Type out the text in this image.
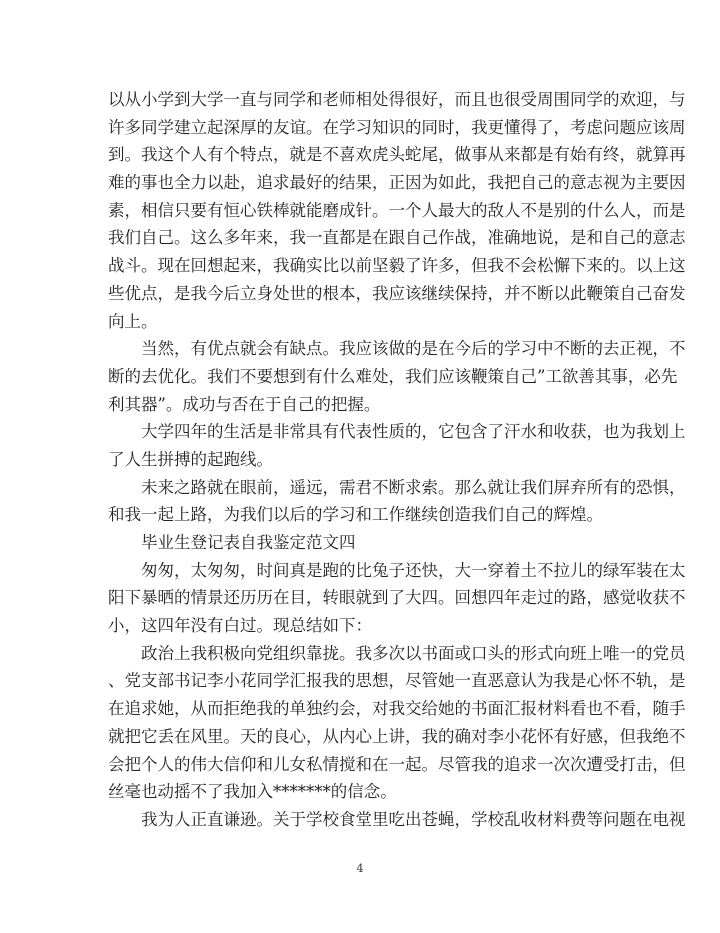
以从小学到大学一直与同学和老师相处得很好，而且也很受周围同学的欢迎，与
许多同学建立起深厚的友谊。在学习知识的同时，我更懂得了，考虑问题应该周
到。我这个人有个特点，就是不喜欢虎头蛇尾，做事从来都是有始有终，就算再
难的事也全力以赴，追求最好的结果，正因为如此，我把自己的意志视为主要因
素，相信只要有恒心铁棒就能磨成针。一个人最大的敌人不是别的什么人，而是
我们自己。这么多年来，我一直都是在跟自己作战，准确地说，是和自己的意志
战斗。现在回想起来，我确实比以前坚毅了许多，但我不会松懈下来的。以上这
些优点，是我今后立身处世的根本，我应该继续保持，并不断以此鞭策自己奋发
向上。
当然，有优点就会有缺点。我应该做的是在今后的学习中不断的去正视，不
断的去优化。我们不要想到有什么难处，我们应该鞭策自己”工欲善其事，必先
利其器”。成功与否在于自己的把握。
大学四年的生活是非常具有代表性质的，它包含了汗水和收获，也为我划上
了人生拼搏的起跑线。
未来之路就在眼前，遥远，需君不断求索。那么就让我们屏弃所有的恐惧，
和我一起上路，为我们以后的学习和工作继续创造我们自己的辉煌。
毕业生登记表自我鉴定范文四
匆匆，太匆匆，时间真是跑的比兔子还快，大一穿着土不拉儿的绿军装在太
阳下暴晒的情景还历历在目，转眼就到了大四。回想四年走过的路，感觉收获不
小，这四年没有白过。现总结如下：
政治上我积极向党组织靠拢。我多次以书面或口头的形式向班上唯一的党员
、党支部书记李小花同学汇报我的思想，尽管她一直恶意认为我是心怀不轨，是
在追求她，从而拒绝我的单独约会，对我交给她的书面汇报材料看也不看，随手
就把它丢在风里。天的良心，从内心上讲，我的确对李小花怀有好感，但我绝不
会把个人的伟大信仰和儿女私情搅和在一起。尽管我的追求一次次遭受打击，但
丝毫也动摇不了我加入*******的信念。
我为人正直谦逊。关于学校食堂里吃出苍蝇，学校乱收材料费等问题在电视
4
